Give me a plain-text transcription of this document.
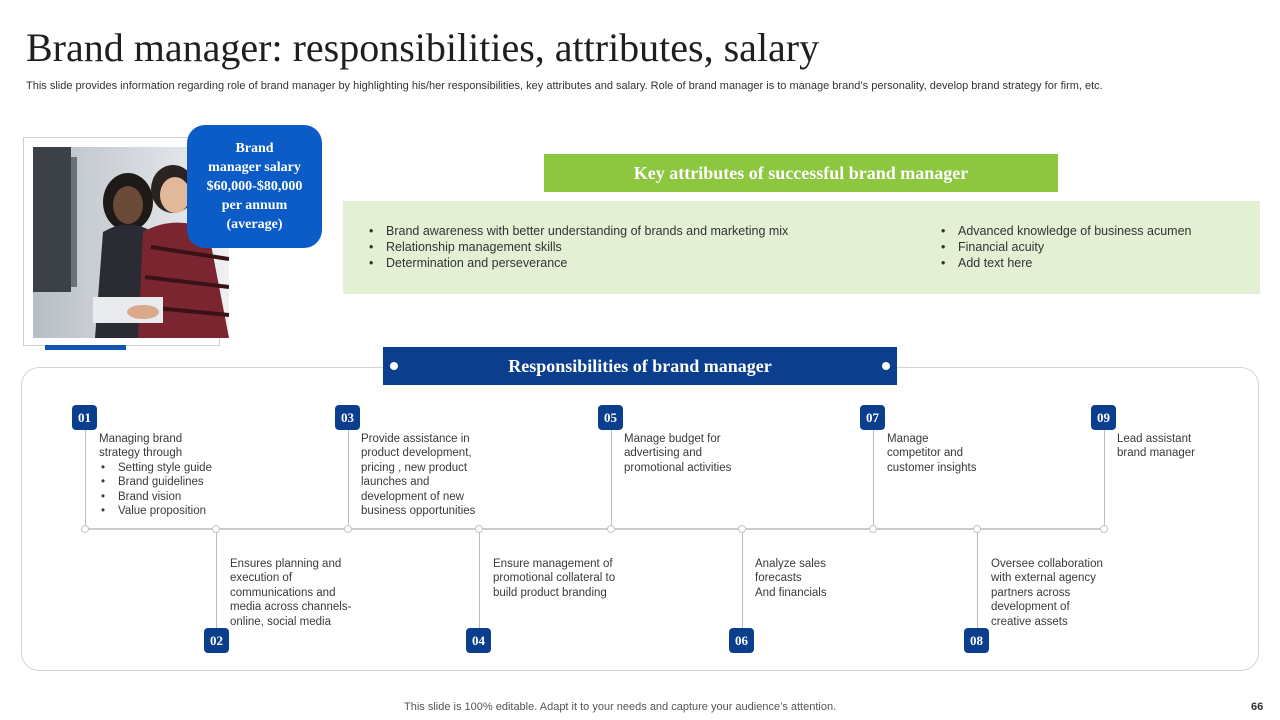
Brand manager: responsibilities, attributes, salary
This slide provides information regarding role of brand manager by highlighting his/her responsibilities, key attributes and salary. Role of brand manager is to manage brand’s personality, develop brand strategy for firm, etc.
Brand
manager salary
$60,000-$80,000
per annum
(average)
Key attributes of successful brand manager
• Brand awareness with better understanding of brands and marketing mix
• Relationship management skills
• Determination and perseverance
• Advanced knowledge of business acumen
• Financial acuity
• Add text here
Responsibilities of brand manager
01
02
03
04
05
06
07
08
09
Managing brand
strategy through
• Setting style guide
• Brand guidelines
• Brand vision
• Value proposition
Ensures planning and
execution of
communications and
media across channels-
online, social media
Provide assistance in
product development,
pricing , new product
launches and
development of new
business opportunities
Ensure management of
promotional collateral to
build product branding
Manage budget for
advertising and
promotional activities
Analyze sales
forecasts
And financials
Manage
competitor and
customer insights
Oversee collaboration
with external agency
partners across
development of
creative assets
Lead assistant
brand manager
This slide is 100% editable. Adapt it to your needs and capture your audience’s attention.	66
